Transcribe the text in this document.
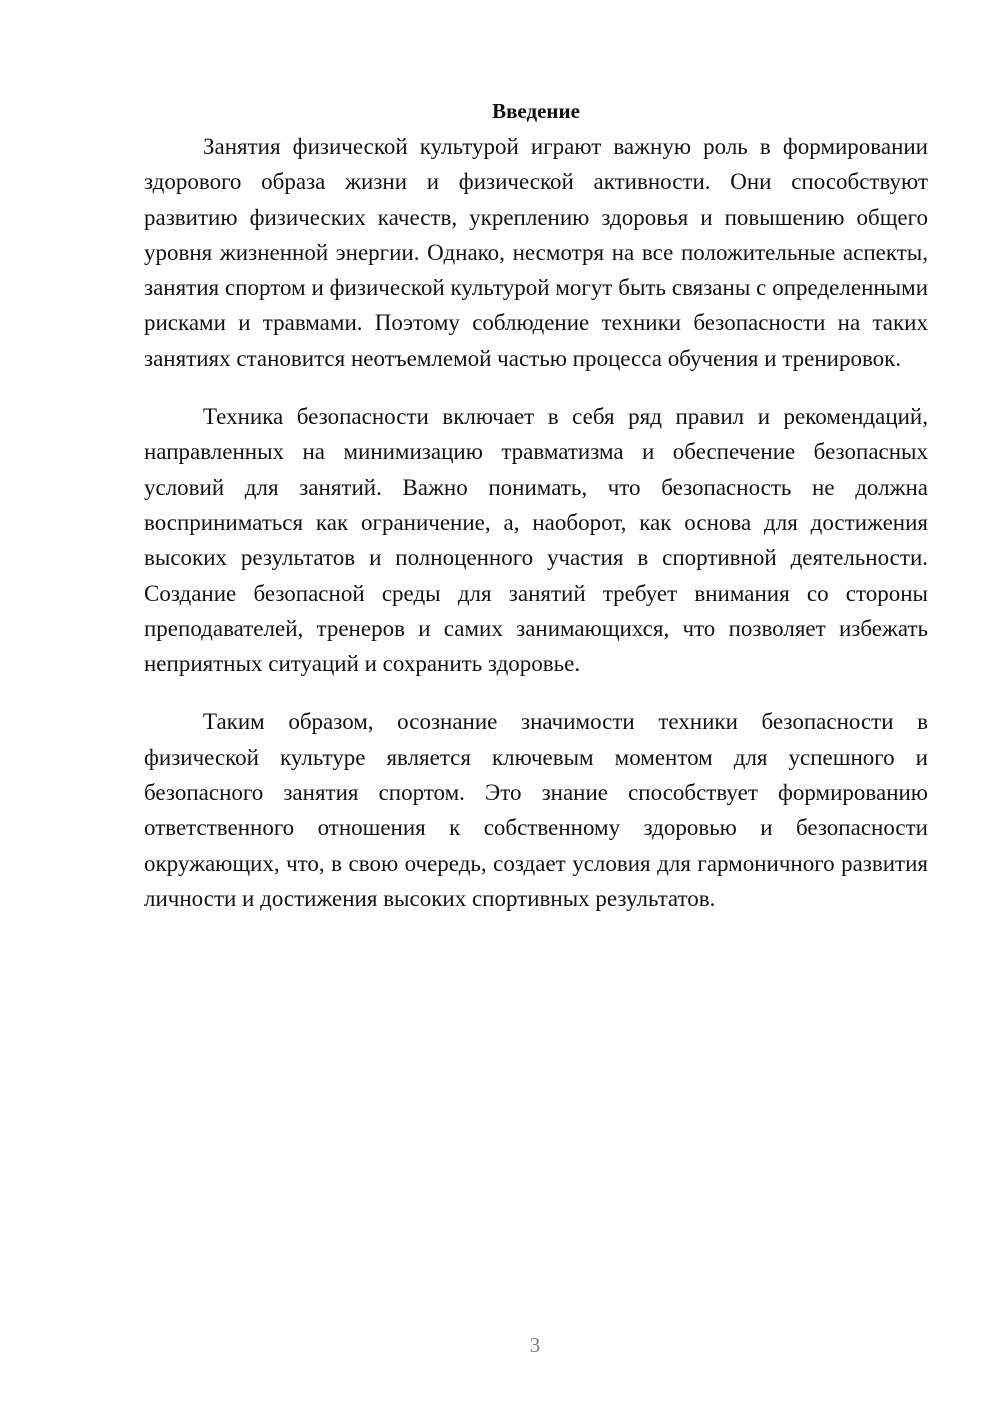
Введение

Занятия физической культурой играют важную роль в формировании здорового образа жизни и физической активности. Они способствуют развитию физических качеств, укреплению здоровья и повышению общего уровня жизненной энергии. Однако, несмотря на все положительные аспекты, занятия спортом и физической культурой могут быть связаны с определенными рисками и травмами. Поэтому соблюдение техники безопасности на таких занятиях становится неотъемлемой частью процесса обучения и тренировок.

Техника безопасности включает в себя ряд правил и рекомендаций, направленных на минимизацию травматизма и обеспечение безопасных условий для занятий. Важно понимать, что безопасность не должна восприниматься как ограничение, а, наоборот, как основа для достижения высоких результатов и полноценного участия в спортивной деятельности. Создание безопасной среды для занятий требует внимания со стороны преподавателей, тренеров и самих занимающихся, что позволяет избежать неприятных ситуаций и сохранить здоровье.

Таким образом, осознание значимости техники безопасности в физической культуре является ключевым моментом для успешного и безопасного занятия спортом. Это знание способствует формированию ответственного отношения к собственному здоровью и безопасности окружающих, что, в свою очередь, создает условия для гармоничного развития личности и достижения высоких спортивных результатов.

3
